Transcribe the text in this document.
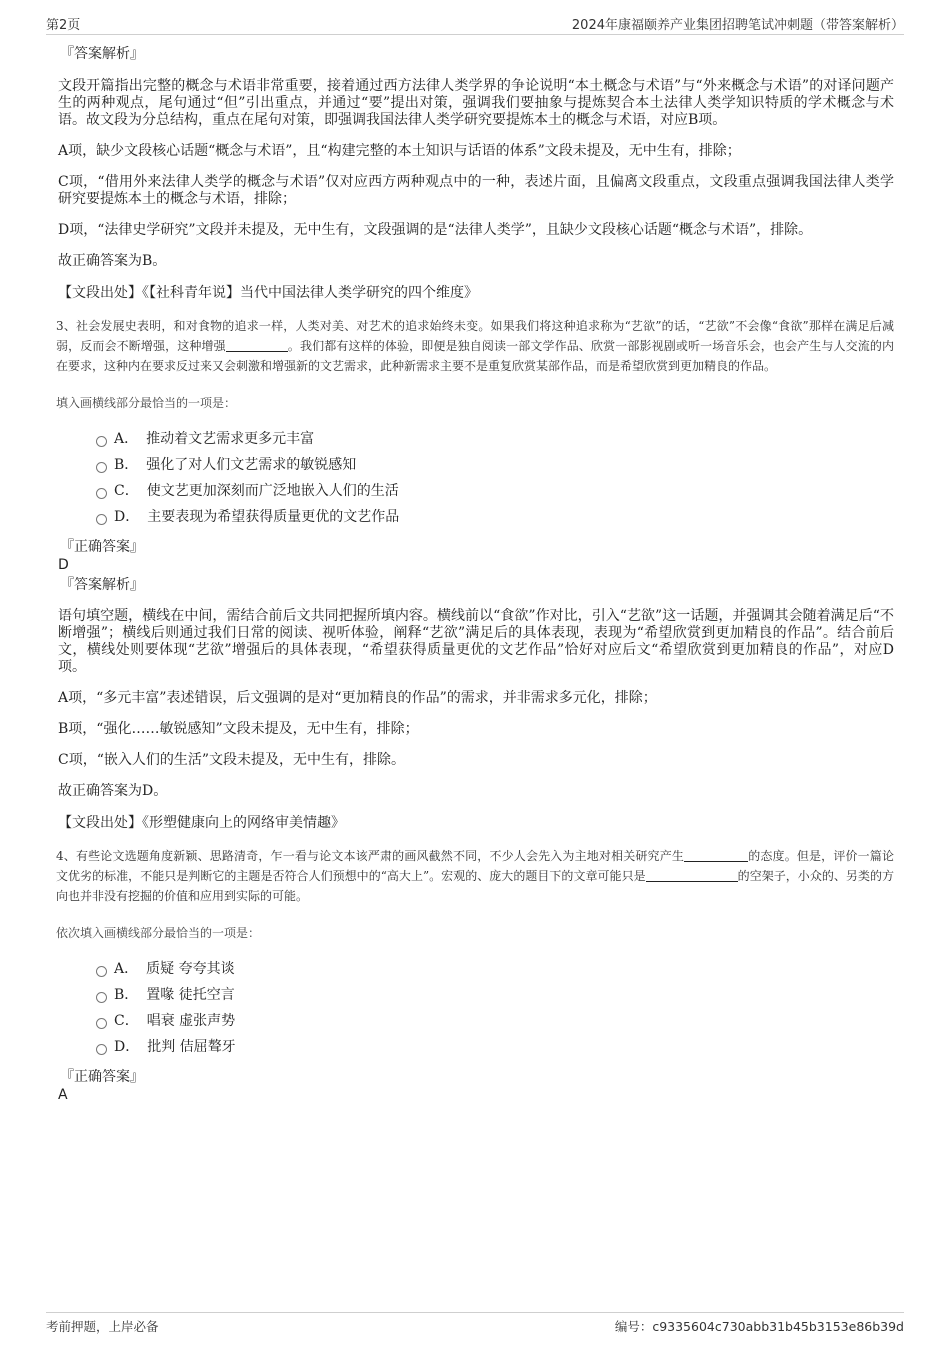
第2页	2024年康福颐养产业集团招聘笔试冲刺题（带答案解析）
『答案解析』
文段开篇指出完整的概念与术语非常重要，接着通过西方法律人类学界的争论说明“本土概念与术语”与“外来概念与术语”的对译问题产生的两种观点，尾句通过“但”引出重点，并通过“要”提出对策，强调我们要抽象与提炼契合本土法律人类学知识特质的学术概念与术语。故文段为分总结构，重点在尾句对策，即强调我国法律人类学研究要提炼本土的概念与术语，对应B项。
A项，缺少文段核心话题“概念与术语”，且“构建完整的本土知识与话语的体系”文段未提及，无中生有，排除；
C项，“借用外来法律人类学的概念与术语”仅对应西方两种观点中的一种，表述片面，且偏离文段重点，文段重点强调我国法律人类学研究要提炼本土的概念与术语，排除；
D项，“法律史学研究”文段并未提及，无中生有，文段强调的是“法律人类学”，且缺少文段核心话题“概念与术语”，排除。
故正确答案为B。
【文段出处】《【社科青年说】当代中国法律人类学研究的四个维度》
3、社会发展史表明，和对食物的追求一样，人类对美、对艺术的追求始终未变。如果我们将这种追求称为“艺欲”的话，“艺欲”不会像“食欲”那样在满足后减弱，反而会不断增强，这种增强	。我们都有这样的体验，即便是独自阅读一部文学作品、欣赏一部影视剧或听一场音乐会，也会产生与人交流的内在要求，这种内在要求反过来又会刺激和增强新的文艺需求，此种新需求主要不是重复欣赏某部作品，而是希望欣赏到更加精良的作品。
填入画横线部分最恰当的一项是：
A． 推动着文艺需求更多元丰富
B． 强化了对人们文艺需求的敏锐感知
C． 使文艺更加深刻而广泛地嵌入人们的生活
D． 主要表现为希望获得质量更优的文艺作品
『正确答案』
D
『答案解析』
语句填空题，横线在中间，需结合前后文共同把握所填内容。横线前以“食欲”作对比，引入“艺欲”这一话题，并强调其会随着满足后“不断增强”；横线后则通过我们日常的阅读、视听体验，阐释“艺欲”满足后的具体表现，表现为“希望欣赏到更加精良的作品”。结合前后文，横线处则要体现“艺欲”增强后的具体表现，“希望获得质量更优的文艺作品”恰好对应后文“希望欣赏到更加精良的作品”，对应D项。
A项，“多元丰富”表述错误，后文强调的是对“更加精良的作品”的需求，并非需求多元化，排除；
B项，“强化……敏锐感知”文段未提及，无中生有，排除；
C项，“嵌入人们的生活”文段未提及，无中生有，排除。
故正确答案为D。
【文段出处】《形塑健康向上的网络审美情趣》
4、有些论文选题角度新颖、思路清奇，乍一看与论文本该严肃的画风截然不同，不少人会先入为主地对相关研究产生	的态度。但是，评价一篇论文优劣的标准，不能只是判断它的主题是否符合人们预想中的“高大上”。宏观的、庞大的题目下的文章可能只是	的空架子，小众的、另类的方向也并非没有挖掘的价值和应用到实际的可能。
依次填入画横线部分最恰当的一项是：
A． 质疑 夸夸其谈
B． 置喙 徒托空言
C． 唱衰 虚张声势
D． 批判 佶屈聱牙
『正确答案』
A
考前押题，上岸必备	编号：c9335604c730abb31b45b3153e86b39d
